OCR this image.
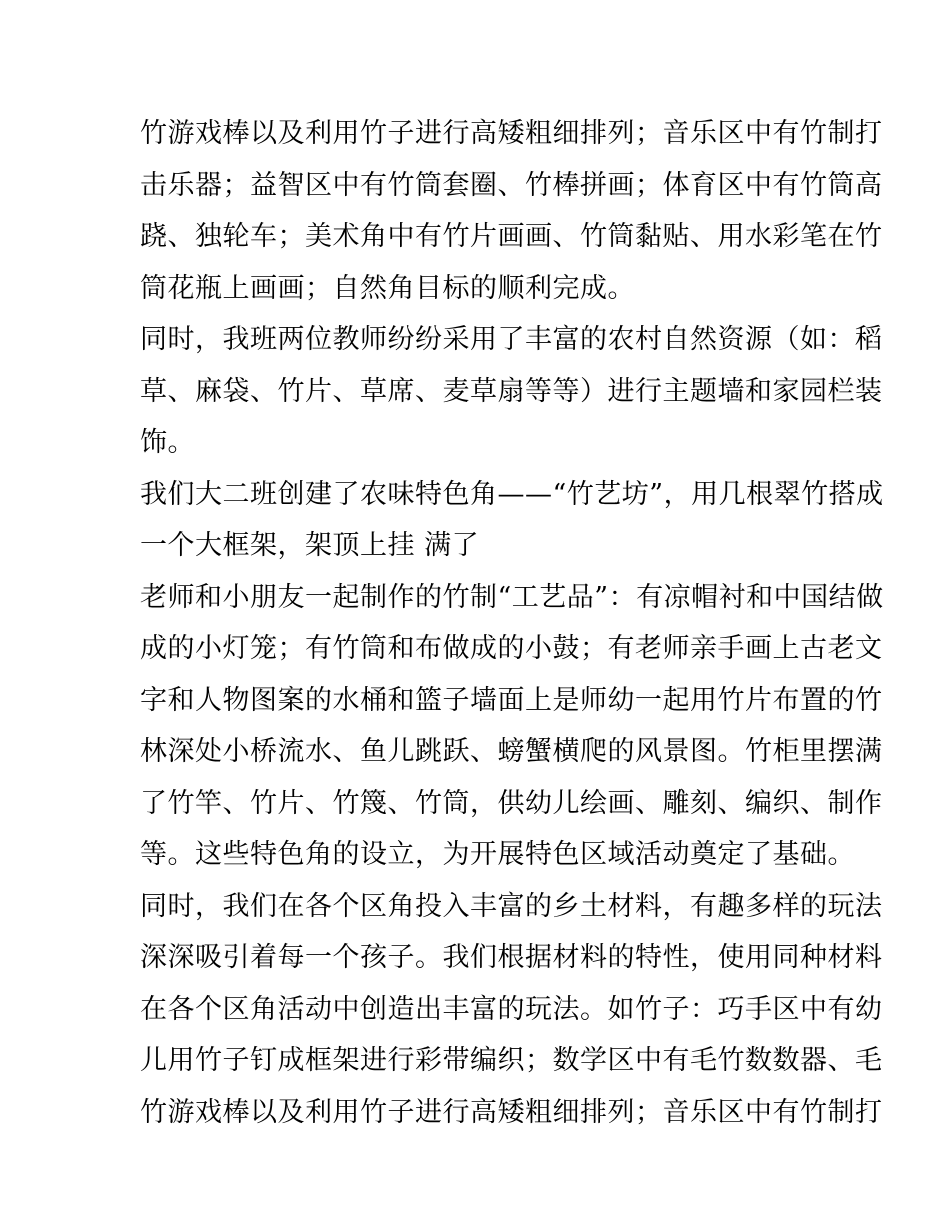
竹游戏棒以及利用竹子进行高矮粗细排列；音乐区中有竹制打
击乐器；益智区中有竹筒套圈、竹棒拼画；体育区中有竹筒高
跷、独轮车；美术角中有竹片画画、竹筒黏贴、用水彩笔在竹
筒花瓶上画画；自然角目标的顺利完成。
同时，我班两位教师纷纷采用了丰富的农村自然资源（如：稻
草、麻袋、竹片、草席、麦草扇等等）进行主题墙和家园栏装
饰。
我们大二班创建了农味特色角——“竹艺坊”，用几根翠竹搭成
一个大框架，架顶上挂 满了
老师和小朋友一起制作的竹制“工艺品”：有凉帽衬和中国结做
成的小灯笼；有竹筒和布做成的小鼓；有老师亲手画上古老文
字和人物图案的水桶和篮子墙面上是师幼一起用竹片布置的竹
林深处小桥流水、鱼儿跳跃、螃蟹横爬的风景图。竹柜里摆满
了竹竿、竹片、竹篾、竹筒，供幼儿绘画、雕刻、编织、制作
等。这些特色角的设立，为开展特色区域活动奠定了基础。
同时，我们在各个区角投入丰富的乡土材料，有趣多样的玩法
深深吸引着每一个孩子。我们根据材料的特性，使用同种材料
在各个区角活动中创造出丰富的玩法。如竹子：巧手区中有幼
儿用竹子钉成框架进行彩带编织；数学区中有毛竹数数器、毛
竹游戏棒以及利用竹子进行高矮粗细排列；音乐区中有竹制打
